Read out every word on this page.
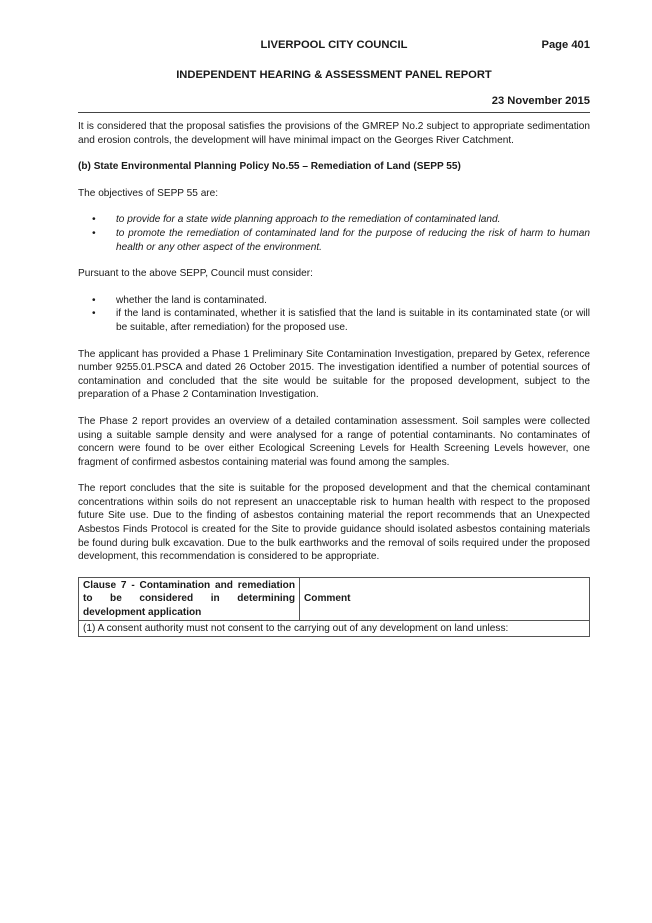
LIVERPOOL CITY COUNCIL	Page 401
INDEPENDENT HEARING & ASSESSMENT PANEL REPORT
23 November 2015

It is considered that the proposal satisfies the provisions of the GMREP No.2 subject to appropriate sedimentation and erosion controls, the development will have minimal impact on the Georges River Catchment.

(b) State Environmental Planning Policy No.55 – Remediation of Land (SEPP 55)

The objectives of SEPP 55 are:

• to provide for a state wide planning approach to the remediation of contaminated land.
• to promote the remediation of contaminated land for the purpose of reducing the risk of harm to human health or any other aspect of the environment.

Pursuant to the above SEPP, Council must consider:

• whether the land is contaminated.
• if the land is contaminated, whether it is satisfied that the land is suitable in its contaminated state (or will be suitable, after remediation) for the proposed use.

The applicant has provided a Phase 1 Preliminary Site Contamination Investigation, prepared by Getex, reference number 9255.01.PSCA and dated 26 October 2015. The investigation identified a number of potential sources of contamination and concluded that the site would be suitable for the proposed development, subject to the preparation of a Phase 2 Contamination Investigation.

The Phase 2 report provides an overview of a detailed contamination assessment. Soil samples were collected using a suitable sample density and were analysed for a range of potential contaminants. No contaminates of concern were found to be over either Ecological Screening Levels for Health Screening Levels however, one fragment of confirmed asbestos containing material was found among the samples.

The report concludes that the site is suitable for the proposed development and that the chemical contaminant concentrations within soils do not represent an unacceptable risk to human health with respect to the proposed future Site use. Due to the finding of asbestos containing material the report recommends that an Unexpected Asbestos Finds Protocol is created for the Site to provide guidance should isolated asbestos containing materials be found during bulk excavation. Due to the bulk earthworks and the removal of soils required under the proposed development, this recommendation is considered to be appropriate.

Clause 7 - Contamination and remediation to be considered in determining development application	Comment
(1) A consent authority must not consent to the carrying out of any development on land unless:
